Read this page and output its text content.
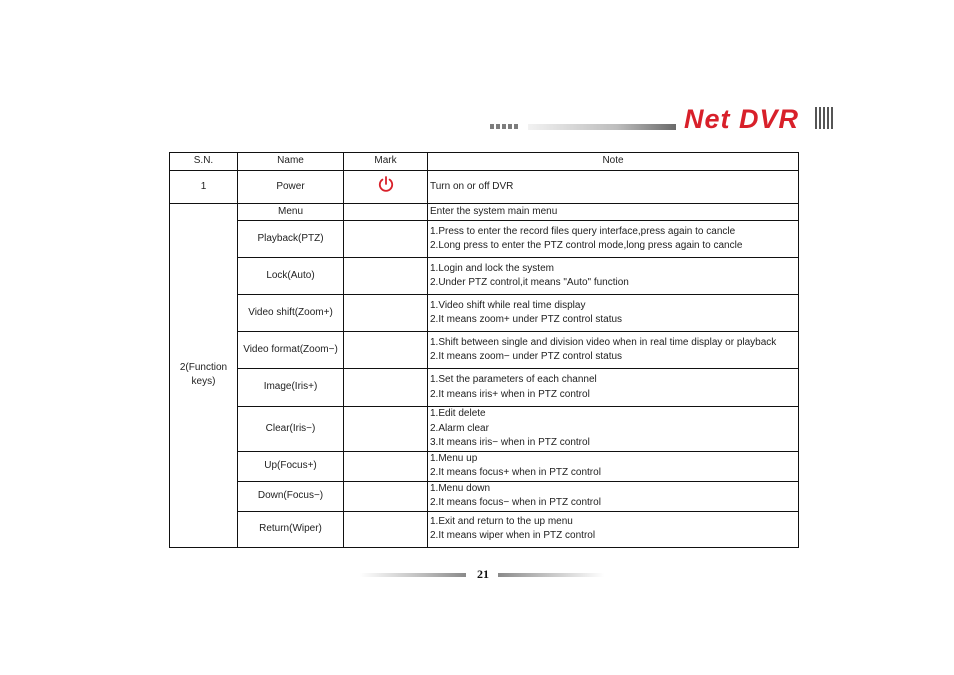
Net DVR
S.N.	Name	Mark	Note
1	Power		Turn on or off DVR

2(Function
keys)	Menu		Enter the system main menu

	Playback(PTZ)		1.Press to enter the record files query interface,press again to cancle
2.Long press to enter the PTZ control mode,long press again to cancle

	Lock(Auto)		1.Login and lock the system
2.Under PTZ control,it means "Auto" function

	Video shift(Zoom+)		1.Video shift while real time display
2.It means zoom+ under PTZ control status

	Video format(Zoom−)		1.Shift between single and division video when in real time display or playback
2.It means zoom− under PTZ control status

	Image(Iris+)		1.Set the parameters of each channel
2.It means iris+ when in PTZ control

	Clear(Iris−)		1.Edit delete
2.Alarm clear
3.It means iris− when in PTZ control

	Up(Focus+)		1.Menu up
2.It means focus+ when in PTZ control

	Down(Focus−)		1.Menu down
2.It means focus− when in PTZ control

	Return(Wiper)		1.Exit and return to the up menu
2.It means wiper when in PTZ control
21
